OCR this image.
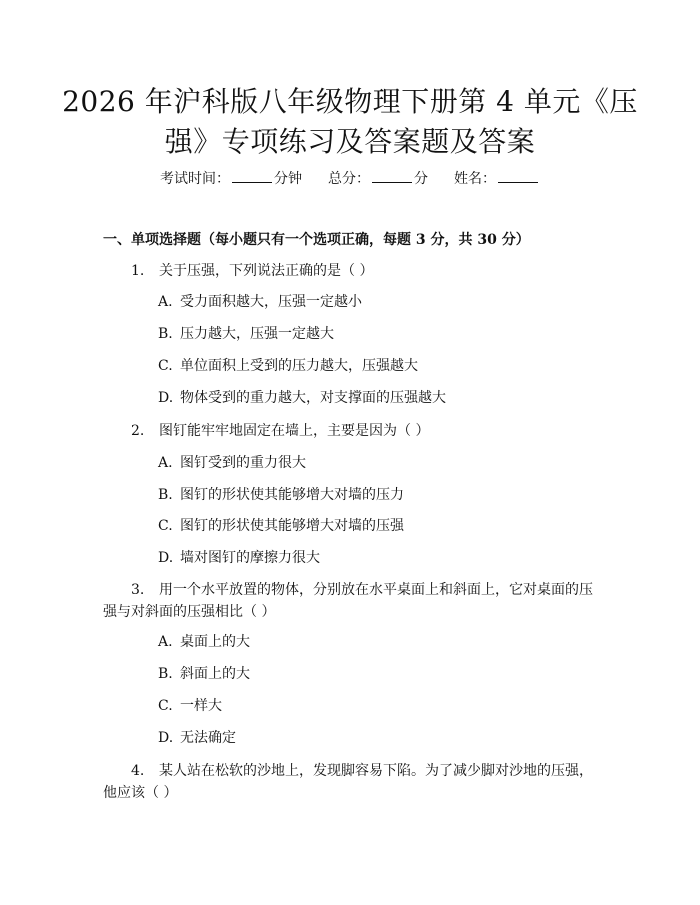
2026 年沪科版八年级物理下册第 4 单元《压强》专项练习及答案题及答案
考试时间：	分钟 总分：	分 姓名：
一、单项选择题（每小题只有一个选项正确，每题 3 分，共 30 分）
1. 关于压强，下列说法正确的是（ ）
A. 受力面积越大，压强一定越小
B. 压力越大，压强一定越大
C. 单位面积上受到的压力越大，压强越大
D. 物体受到的重力越大，对支撑面的压强越大
2. 图钉能牢牢地固定在墙上，主要是因为（ ）
A. 图钉受到的重力很大
B. 图钉的形状使其能够增大对墙的压力
C. 图钉的形状使其能够增大对墙的压强
D. 墙对图钉的摩擦力很大
3. 用一个水平放置的物体，分别放在水平桌面上和斜面上，它对桌面的压强与对斜面的压强相比（ ）
A. 桌面上的大
B. 斜面上的大
C. 一样大
D. 无法确定
4. 某人站在松软的沙地上，发现脚容易下陷。为了减少脚对沙地的压强，他应该（ ）
